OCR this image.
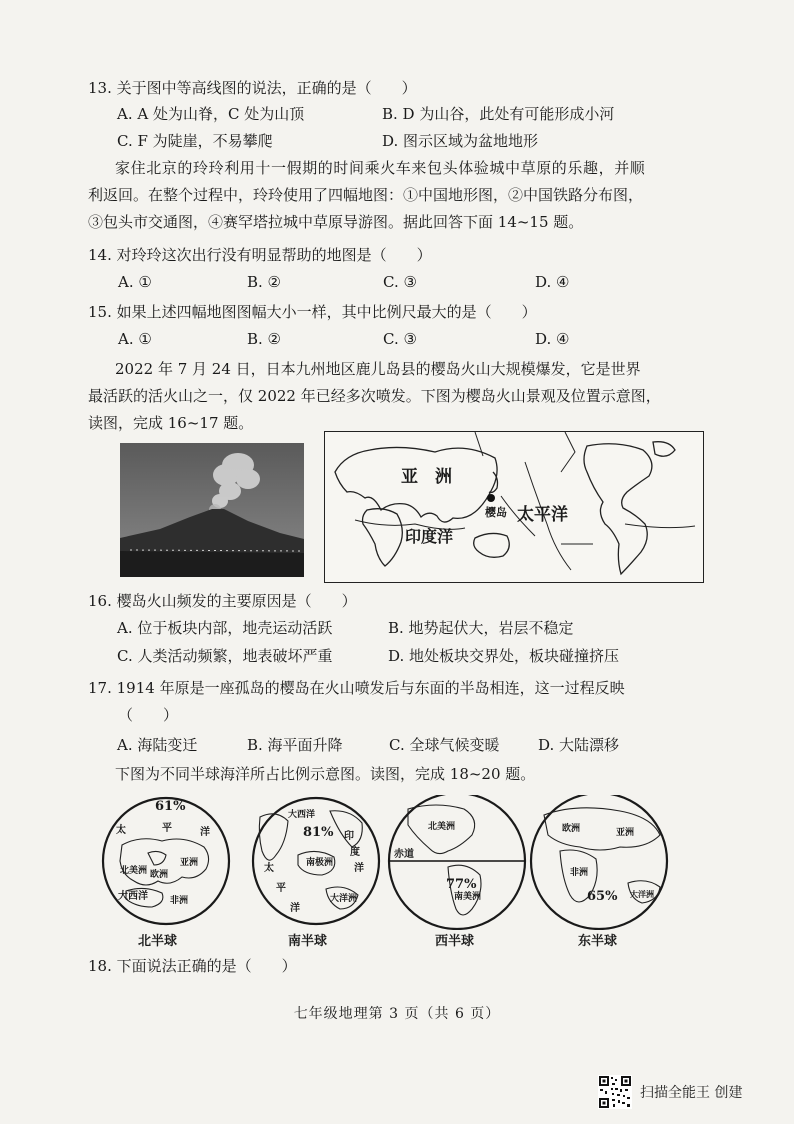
13. 关于图中等高线图的说法，正确的是（　　）
A. A 处为山脊，C 处为山顶	B. D 为山谷，此处有可能形成小河
C. F 为陡崖，不易攀爬	D. 图示区域为盆地地形
家住北京的玲玲利用十一假期的时间乘火车来包头体验城中草原的乐趣，并顺
利返回。在整个过程中，玲玲使用了四幅地图：①中国地形图，②中国铁路分布图，
③包头市交通图，④赛罕塔拉城中草原导游图。据此回答下面 14~15 题。
14. 对玲玲这次出行没有明显帮助的地图是（　　）
A. ①	B. ②	C. ③	D. ④
15. 如果上述四幅地图图幅大小一样，其中比例尺最大的是（　　）
A. ①	B. ②	C. ③	D. ④
2022 年 7 月 24 日，日本九州地区鹿儿岛县的樱岛火山大规模爆发，它是世界
最活跃的活火山之一，仅 2022 年已经多次喷发。下图为樱岛火山景观及位置示意图，
读图，完成 16~17 题。
亚　洲
太平洋
印度洋
樱岛
16. 樱岛火山频发的主要原因是（　　）
A. 位于板块内部，地壳运动活跃	B. 地势起伏大，岩层不稳定
C. 人类活动频繁，地表破坏严重	D. 地处板块交界处，板块碰撞挤压
17. 1914 年原是一座孤岛的樱岛在火山喷发后与东面的半岛相连，这一过程反映
（　　）
A. 海陆变迁	B. 海平面升降	C. 全球气候变暖	D. 大陆漂移
下图为不同半球海洋所占比例示意图。读图，完成 18~20 题。
61%
太	平	洋
欧洲
亚洲
北美洲
大西洋 非洲
北半球
81%
大西洋
印
度
洋
太
平
洋
南极洲
大洋洲
南半球
77%
赤道
北美洲
南美洲
西半球
65%
欧洲	亚洲
非洲
大洋洲
东半球
18. 下面说法正确的是（　　）
七年级地理第 3 页（共 6 页）
扫描全能王 创建
